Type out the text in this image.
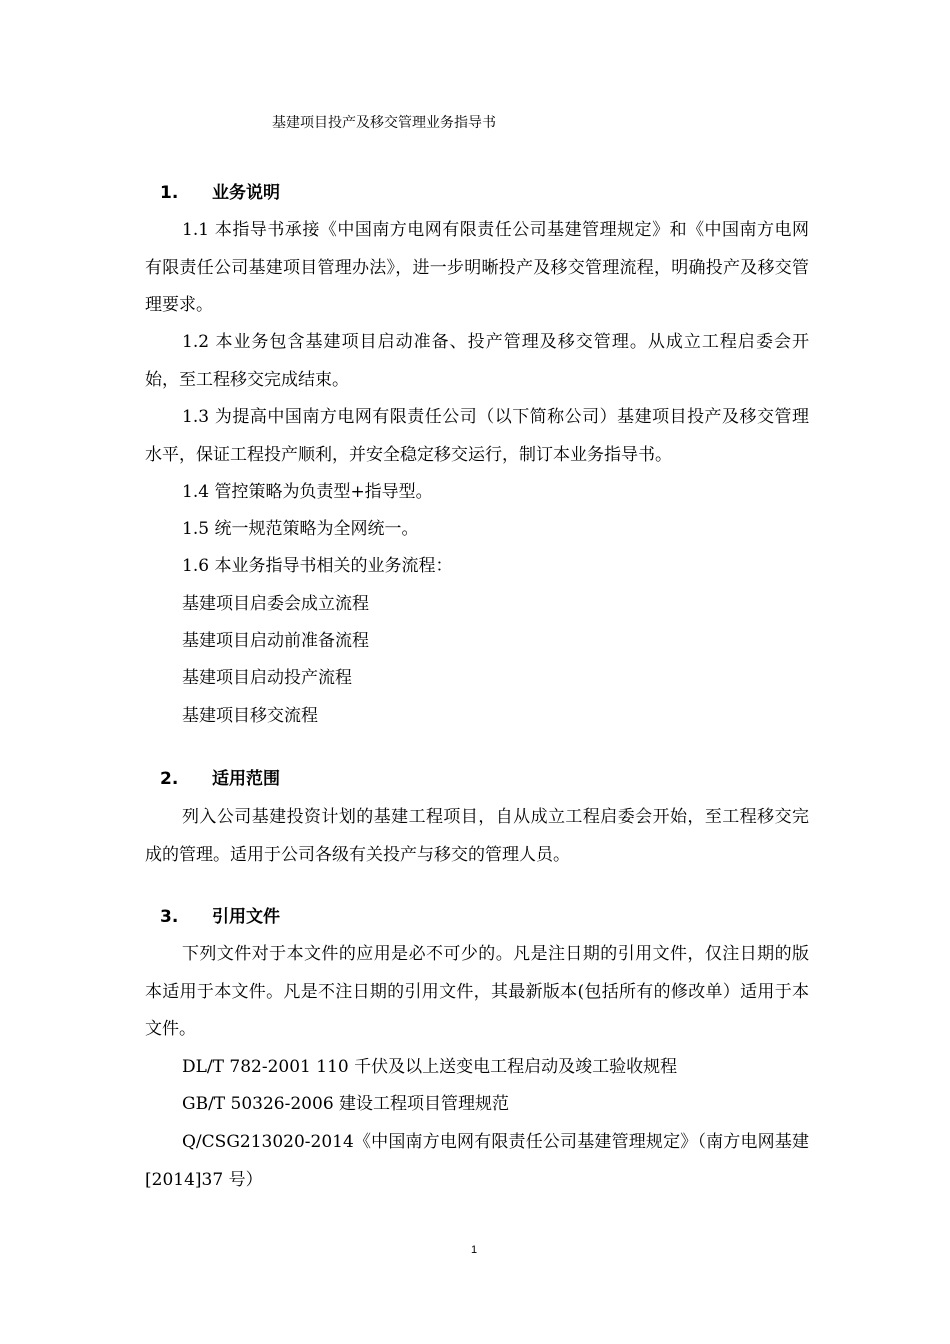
基建项目投产及移交管理业务指导书
1. 业务说明

1.1 本指导书承接《中国南方电网有限责任公司基建管理规定》和《中国南方电网有限责任公司基建项目管理办法》，进一步明晰投产及移交管理流程，明确投产及移交管理要求。

1.2 本业务包含基建项目启动准备、投产管理及移交管理。从成立工程启委会开始，至工程移交完成结束。

1.3 为提高中国南方电网有限责任公司（以下简称公司）基建项目投产及移交管理水平，保证工程投产顺利，并安全稳定移交运行，制订本业务指导书。

1.4 管控策略为负责型+指导型。

1.5 统一规范策略为全网统一。

1.6 本业务指导书相关的业务流程：

基建项目启委会成立流程

基建项目启动前准备流程

基建项目启动投产流程

基建项目移交流程

2. 适用范围

列入公司基建投资计划的基建工程项目，自从成立工程启委会开始，至工程移交完成的管理。适用于公司各级有关投产与移交的管理人员。

3. 引用文件

下列文件对于本文件的应用是必不可少的。凡是注日期的引用文件，仅注日期的版本适用于本文件。凡是不注日期的引用文件，其最新版本(包括所有的修改单）适用于本文件。

DL/T 782-2001 110 千伏及以上送变电工程启动及竣工验收规程

GB/T 50326-2006 建设工程项目管理规范

Q/CSG213020-2014《中国南方电网有限责任公司基建管理规定》（南方电网基建[2014]37 号）

1
